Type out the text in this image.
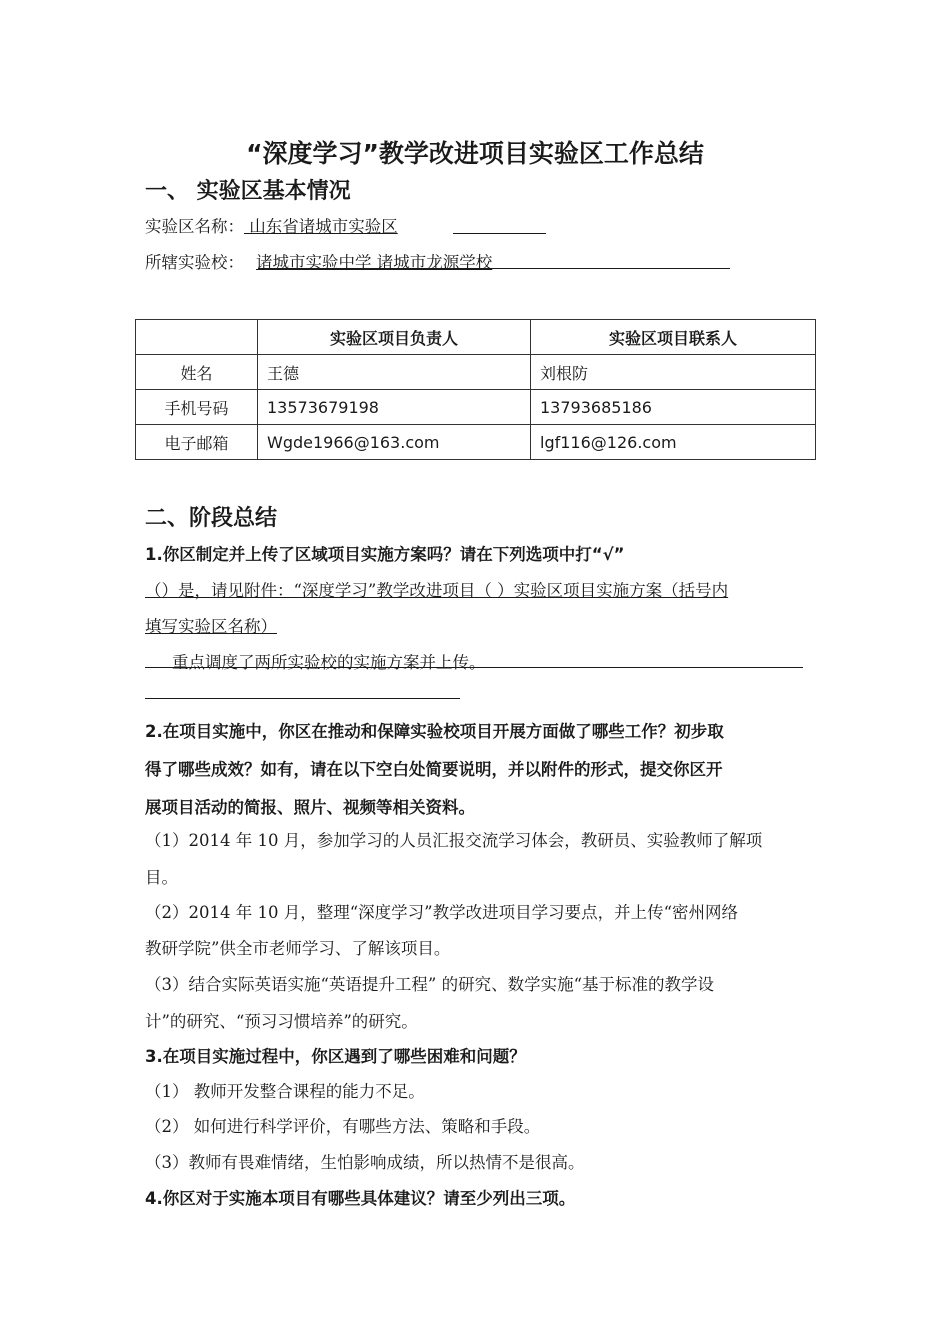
“深度学习”教学改进项目实验区工作总结
一、 实验区基本情况
实验区名称： 山东省诸城市实验区
所辖实验校： 诸城市实验中学 诸城市龙源学校
	实验区项目负责人	实验区项目联系人
姓名	王德	刘根防
手机号码	13573679198	13793685186
电子邮箱	Wgde1966@163.com	lgf116@126.com
二、阶段总结
1.你区制定并上传了区域项目实施方案吗？请在下列选项中打“√”
（）是，请见附件：“深度学习”教学改进项目（ ）实验区项目实施方案（括号内
填写实验区名称）
重点调度了两所实验校的实施方案并上传。
2.在项目实施中，你区在推动和保障实验校项目开展方面做了哪些工作？初步取
得了哪些成效？如有，请在以下空白处简要说明，并以附件的形式，提交你区开
展项目活动的简报、照片、视频等相关资料。
（1）2014 年 10 月，参加学习的人员汇报交流学习体会，教研员、实验教师了解项
目。
（2）2014 年 10 月，整理“深度学习”教学改进项目学习要点，并上传“密州网络
教研学院”供全市老师学习、了解该项目。
（3）结合实际英语实施“英语提升工程” 的研究、数学实施“基于标准的教学设
计”的研究、“预习习惯培养”的研究。
3.在项目实施过程中，你区遇到了哪些困难和问题？
（1） 教师开发整合课程的能力不足。
（2） 如何进行科学评价，有哪些方法、策略和手段。
（3）教师有畏难情绪，生怕影响成绩，所以热情不是很高。
4.你区对于实施本项目有哪些具体建议？请至少列出三项。
